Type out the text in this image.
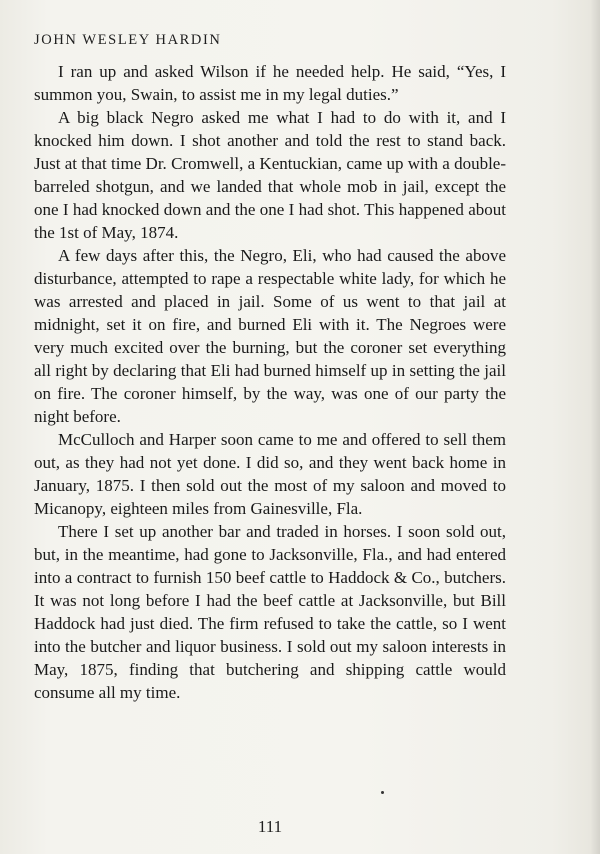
JOHN WESLEY HARDIN

I ran up and asked Wilson if he needed help. He said, “Yes, I summon you, Swain, to assist me in my legal duties.”

A big black Negro asked me what I had to do with it, and I knocked him down. I shot another and told the rest to stand back. Just at that time Dr. Cromwell, a Kentuckian, came up with a double-barreled shotgun, and we landed that whole mob in jail, except the one I had knocked down and the one I had shot. This happened about the 1st of May, 1874.

A few days after this, the Negro, Eli, who had caused the above disturbance, attempted to rape a respectable white lady, for which he was arrested and placed in jail. Some of us went to that jail at midnight, set it on fire, and burned Eli with it. The Negroes were very much excited over the burning, but the coroner set everything all right by declaring that Eli had burned himself up in setting the jail on fire. The coroner himself, by the way, was one of our party the night before.

McCulloch and Harper soon came to me and offered to sell them out, as they had not yet done. I did so, and they went back home in January, 1875. I then sold out the most of my saloon and moved to Micanopy, eighteen miles from Gainesville, Fla.

There I set up another bar and traded in horses. I soon sold out, but, in the meantime, had gone to Jacksonville, Fla., and had entered into a contract to furnish 150 beef cattle to Haddock & Co., butchers. It was not long before I had the beef cattle at Jacksonville, but Bill Haddock had just died. The firm refused to take the cattle, so I went into the butcher and liquor business. I sold out my saloon interests in May, 1875, finding that butchering and shipping cattle would consume all my time.

111
